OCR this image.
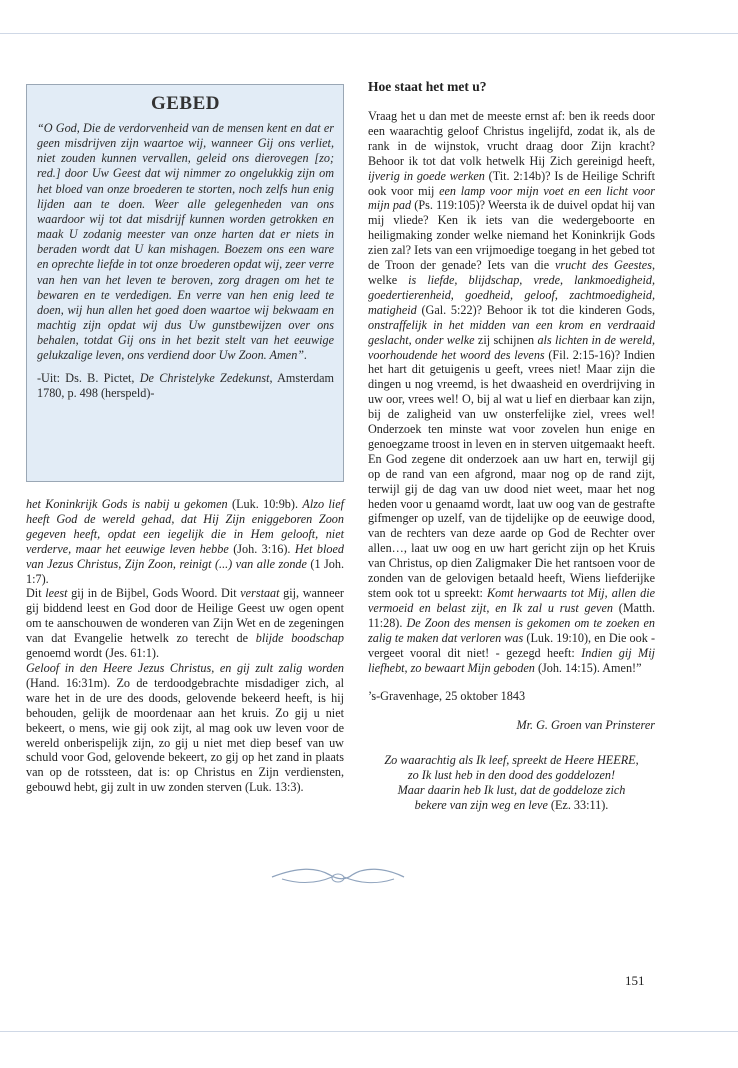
GEBED

“O God, Die de verdorvenheid van de mensen kent en dat er geen misdrijven zijn waartoe wij, wanneer Gij ons verliet, niet zouden kunnen vervallen, geleid ons dierovegen [zo; red.] door Uw Geest dat wij nimmer zo ongelukkig zijn om het bloed van onze broederen te storten, noch zelfs hun enig lijden aan te doen. Weer alle gelegenheden van ons waardoor wij tot dat misdrijf kunnen worden getrokken en maak U zodanig meester van onze harten dat er niets in beraden wordt dat U kan mishagen. Boezem ons een ware en oprechte liefde in tot onze broederen opdat wij, zeer verre van hen van het leven te beroven, zorg dragen om het te bewaren en te verdedigen. En verre van hen enig leed te doen, wij hun allen het goed doen waartoe wij bekwaam en machtig zijn opdat wij dus Uw gunstbewijzen over ons behalen, totdat Gij ons in het bezit stelt van het eeuwige gelukzalige leven, ons verdiend door Uw Zoon. Amen”.

-Uit: Ds. B. Pictet, De Christelyke Zedekunst, Amsterdam 1780, p. 498 (herspeld)-

het Koninkrijk Gods is nabij u gekomen (Luk. 10:9b). Alzo lief heeft God de wereld gehad, dat Hij Zijn eniggeboren Zoon gegeven heeft, opdat een iegelijk die in Hem gelooft, niet verderve, maar het eeuwige leven hebbe (Joh. 3:16). Het bloed van Jezus Christus, Zijn Zoon, reinigt (...) van alle zonde (1 Joh. 1:7).

Dit leest gij in de Bijbel, Gods Woord. Dit verstaat gij, wanneer gij biddend leest en God door de Heilige Geest uw ogen opent om te aanschouwen de wonderen van Zijn Wet en de zegeningen van dat Evangelie hetwelk zo terecht de blijde boodschap genoemd wordt (Jes. 61:1).

Geloof in den Heere Jezus Christus, en gij zult zalig worden (Hand. 16:31m). Zo de terdoodgebrachte misdadiger zich, al ware het in de ure des doods, gelovende bekeerd heeft, is hij behouden, gelijk de moordenaar aan het kruis. Zo gij u niet bekeert, o mens, wie gij ook zijt, al mag ook uw leven voor de wereld onberispelijk zijn, zo gij u niet met diep besef van uw schuld voor God, gelovende bekeert, zo gij op het zand in plaats van op de rotssteen, dat is: op Christus en Zijn verdiensten, gebouwd hebt, gij zult in uw zonden sterven (Luk. 13:3).

Hoe staat het met u?

Vraag het u dan met de meeste ernst af: ben ik reeds door een waarachtig geloof Christus ingelijfd, zodat ik, als de rank in de wijnstok, vrucht draag door Zijn kracht? Behoor ik tot dat volk hetwelk Hij Zich gereinigd heeft, ijverig in goede werken (Tit. 2:14b)? Is de Heilige Schrift ook voor mij een lamp voor mijn voet en een licht voor mijn pad (Ps. 119:105)? Weersta ik de duivel opdat hij van mij vliede? Ken ik iets van die wedergeboorte en heiligmaking zonder welke niemand het Koninkrijk Gods zien zal? Iets van een vrijmoedige toegang in het gebed tot de Troon der genade? Iets van die vrucht des Geestes, welke is liefde, blijdschap, vrede, lankmoedigheid, goedertierenheid, goedheid, geloof, zachtmoedigheid, matigheid (Gal. 5:22)? Behoor ik tot die kinderen Gods, onstraffelijk in het midden van een krom en verdraaid geslacht, onder welke zij schijnen als lichten in de wereld, voorhoudende het woord des levens (Fil. 2:15-16)? Indien het hart dit getuigenis u geeft, vrees niet! Maar zijn die dingen u nog vreemd, is het dwaasheid en overdrijving in uw oor, vrees wel! O, bij al wat u lief en dierbaar kan zijn, bij de zaligheid van uw onsterfelijke ziel, vrees wel! Onderzoek ten minste wat voor zovelen hun enige en genoegzame troost in leven en in sterven uitgemaakt heeft. En God zegene dit onderzoek aan uw hart en, terwijl gij op de rand van een afgrond, maar nog op de rand zijt, terwijl gij de dag van uw dood niet weet, maar het nog heden voor u genaamd wordt, laat uw oog van de gestrafte gifmenger op uzelf, van de tijdelijke op de eeuwige dood, van de rechters van deze aarde op God de Rechter over allen…, laat uw oog en uw hart gericht zijn op het Kruis van Christus, op dien Zaligmaker Die het rantsoen voor de zonden van de gelovigen betaald heeft, Wiens liefderijke stem ook tot u spreekt: Komt herwaarts tot Mij, allen die vermoeid en belast zijt, en Ik zal u rust geven (Matth. 11:28). De Zoon des mensen is gekomen om te zoeken en zalig te maken dat verloren was (Luk. 19:10), en Die ook - vergeet vooral dit niet! - gezegd heeft: Indien gij Mij liefhebt, zo bewaart Mijn geboden (Joh. 14:15). Amen!”

’s-Gravenhage, 25 oktober 1843
Mr. G. Groen van Prinsterer
Zo waarachtig als Ik leef, spreekt de Heere HEERE,
zo Ik lust heb in den dood des goddelozen!
Maar daarin heb Ik lust, dat de goddeloze zich
bekere van zijn weg en leve (Ez. 33:11).
151
